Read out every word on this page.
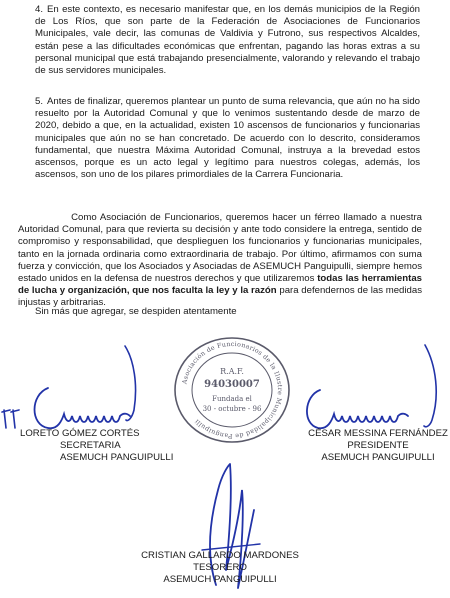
4. En este contexto, es necesario manifestar que, en los demás municipios de la Región de Los Ríos, que son parte de la Federación de Asociaciones de Funcionarios Municipales, vale decir, las comunas de Valdivia y Futrono, sus respectivos Alcaldes, están pese a las dificultades económicas que enfrentan, pagando las horas extras a su personal municipal que está trabajando presencialmente, valorando y relevando el trabajo de sus servidores municipales.

5. Antes de finalizar, queremos plantear un punto de suma relevancia, que aún no ha sido resuelto por la Autoridad Comunal y que lo venimos sustentando desde de marzo de 2020, debido a que, en la actualidad, existen 10 ascensos de funcionarios y funcionarias municipales que aún no se han concretado. De acuerdo con lo descrito, consideramos fundamental, que nuestra Máxima Autoridad Comunal, instruya a la brevedad estos ascensos, porque es un acto legal y legítimo para nuestros colegas, además, los ascensos, son uno de los pilares primordiales de la Carrera Funcionaria.

Como Asociación de Funcionarios, queremos hacer un férreo llamado a nuestra Autoridad Comunal, para que revierta su decisión y ante todo considere la entrega, sentido de compromiso y responsabilidad, que desplieguen los funcionarios y funcionarias municipales, tanto en la jornada ordinaria como extraordinaria de trabajo. Por último, afirmamos con suma fuerza y convicción, que los Asociados y Asociadas de ASEMUCH Panguipulli, siempre hemos estado unidos en la defensa de nuestros derechos y que utilizaremos todas las herramientas de lucha y organización, que nos faculta la ley y la razón para defendernos de las medidas injustas y arbitrarias.

Sin más que agregar, se despiden atentamente

Asociación de Funcionarios de la Ilustre Municipalidad de Panguipulli
R.A.F.
94030007
Fundada el
30 - octubre - 96
LORETO GÓMEZ CORTÉS
SECRETARIA
ASEMUCH PANGUIPULLI
CÉSAR MESSINA FERNÁNDEZ
PRESIDENTE
ASEMUCH PANGUIPULLI
CRISTIAN GALLARDO MARDONES
TESORERO
ASEMUCH PANGUIPULLI
